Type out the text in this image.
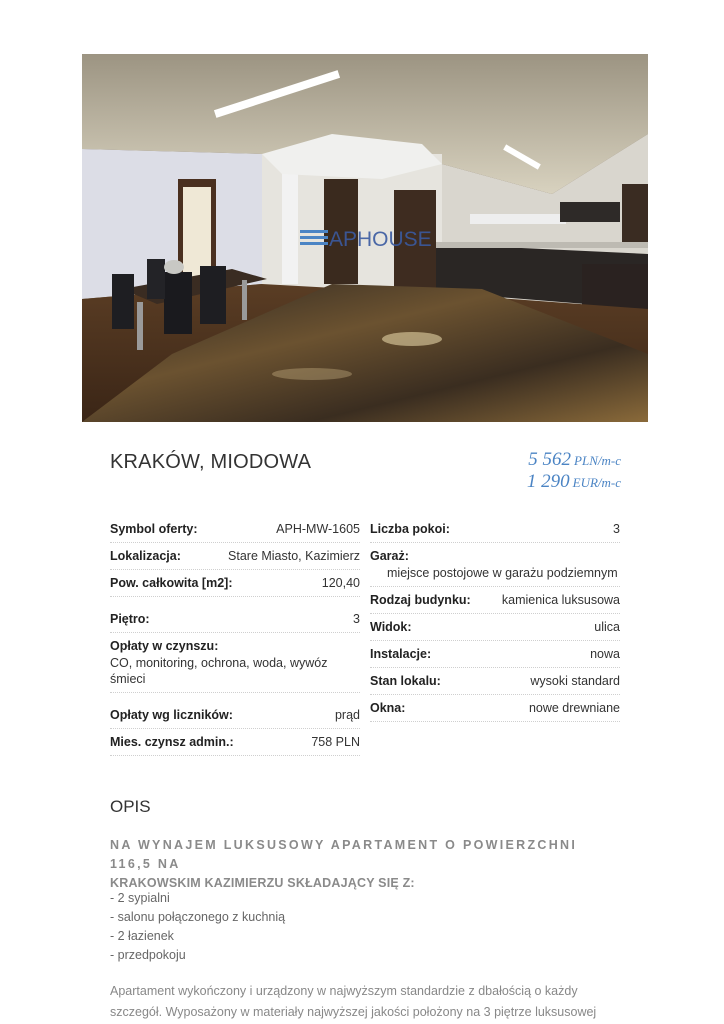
APHOUSE
KRAKÓW, MIODOWA	5 562 PLN/m-c
1 290 EUR/m-c
Symbol oferty:	APH-MW-1605
Lokalizacja:	Stare Miasto, Kazimierz
Pow. całkowita [m2]:	120,40
Piętro:	3
Opłaty w czynszu:
CO, monitoring, ochrona, woda, wywóz śmieci
Opłaty wg liczników:	prąd
Mies. czynsz admin.:	758 PLN
Liczba pokoi:	3
Garaż:
miejsce postojowe w garażu podziemnym
Rodzaj budynku: kamienica luksusowa
Widok:	ulica
Instalacje:	nowa
Stan lokalu:	wysoki standard
Okna:	nowe drewniane
OPIS
NA WYNAJEM LUKSUSOWY APARTAMENT O POWIERZCHNI 116,5 NA
KRAKOWSKIM KAZIMIERZU SKŁADAJĄCY SIĘ Z:
- 2 sypialni
- salonu połączonego z kuchnią
- 2 łazienek
- przedpokoju
Apartament wykończony i urządzony w najwyższym standardzie z dbałością o każdy szczegół. Wyposażony w materiały najwyższej jakości położony na 3 piętrze luksusowej
